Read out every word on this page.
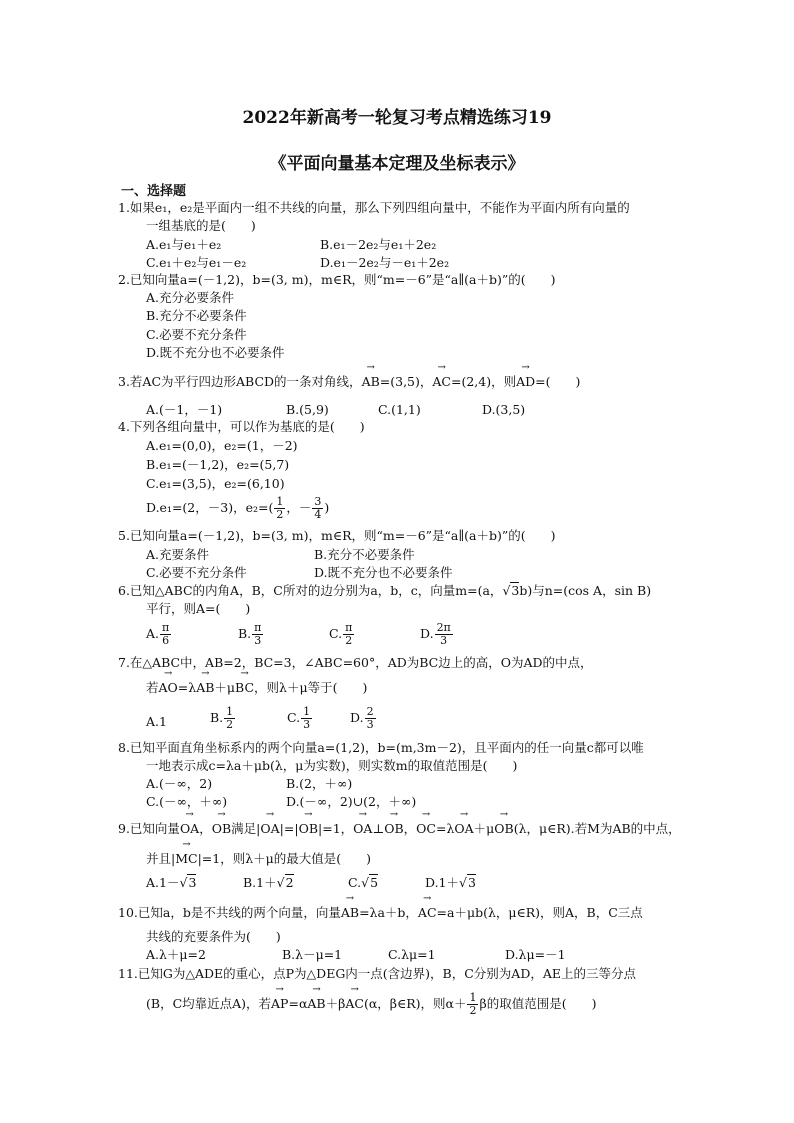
2022年新高考一轮复习考点精选练习19
《平面向量基本定理及坐标表示》
一、选择题
1.如果e₁，e₂是平面内一组不共线的向量，那么下列四组向量中，不能作为平面内所有向量的
一组基底的是(　　)
A.e₁与e₁＋e₂	B.e₁－2e₂与e₁＋2e₂
C.e₁＋e₂与e₁－e₂	D.e₁－2e₂与－e₁＋2e₂
2.已知向量a=(－1,2)，b=(3, m)，m∈R，则“m=－6”是“a∥(a＋b)”的(　　)
A.充分必要条件
B.充分不必要条件
C.必要不充分条件
D.既不充分也不必要条件
3.若AC为平行四边形ABCD的一条对角线，→ AB=(3,5)，→ AC=(2,4)，则→ AD=(　　)
A.(－1，－1)	B.(5,9)	C.(1,1)	D.(3,5)
4.下列各组向量中，可以作为基底的是(　　)
A.e₁=(0,0)，e₂=(1，－2)
B.e₁=(－1,2)，e₂=(5,7)
C.e₁=(3,5)，e₂=(6,10)
D.e₁=(2，－3)，$e_2=( \frac{1}{2}$ ，－ $\frac{3}{4}$ )
5.已知向量a=(－1,2)，b=(3, m)，m∈R，则“m=－6”是“a∥(a＋b)”的(　　)
A.充要条件	B.充分不必要条件
C.必要不充分条件	D.既不充分也不必要条件
6.已知△ABC的内角A，B，C所对的边分别为a，b，c，向量m=(a，√3b)与n=(cos A，sin B)
平行，则A=(　　)
A. $\frac{\pi}{6}$	B. $\frac{\pi}{3}$	C. $\frac{\pi}{2}$	D. $\frac{2\pi}{3}$
7.在△ABC中，AB=2，BC=3，∠ABC=60°，AD为BC边上的高，O为AD的中点，
若→ AO=λ→ AB＋μ→ BC，则λ＋μ等于(　　)
A.1	B. $\frac{1}{2}$	C. $\frac{1}{3}$	D. $\frac{2}{3}$
8.已知平面直角坐标系内的两个向量a=(1,2)，b=(m,3m－2)，且平面内的任一向量c都可以唯
一地表示成c=λa＋μb(λ，μ为实数)，则实数m的取值范围是(　　)
A.(－∞，2)	B.(2，＋∞)
C.(－∞，＋∞)	D.(－∞，2)∪(2，＋∞)
9.已知向量→ OA，→ OB满足|→ OA|=|→ OB|=1，→ OA⊥→ OB，→ OC=λ→ OA＋μ→ OB(λ，μ∈R).若M为AB的中点，
并且|→ MC|=1，则λ＋μ的最大值是(　　)
A.1－√3	B.1＋√2	C.√5	D.1＋√3
10.已知a，b是不共线的两个向量，向量→ AB=λa＋b，→ AC=a＋μb(λ，μ∈R)，则A，B，C三点
共线的充要条件为(　　)
A.λ＋μ=2	B.λ－μ=1	C.λμ=1	D.λμ=－1
11.已知G为△ADE的重心，点P为△DEG内一点(含边界)，B，C分别为AD，AE上的三等分点
(B，C均靠近点A)，若→ AP=α→ AB＋β→ AC(α，β∈R)，则$\alpha+ \frac{1}{2}$ β的取值范围是(　　)
